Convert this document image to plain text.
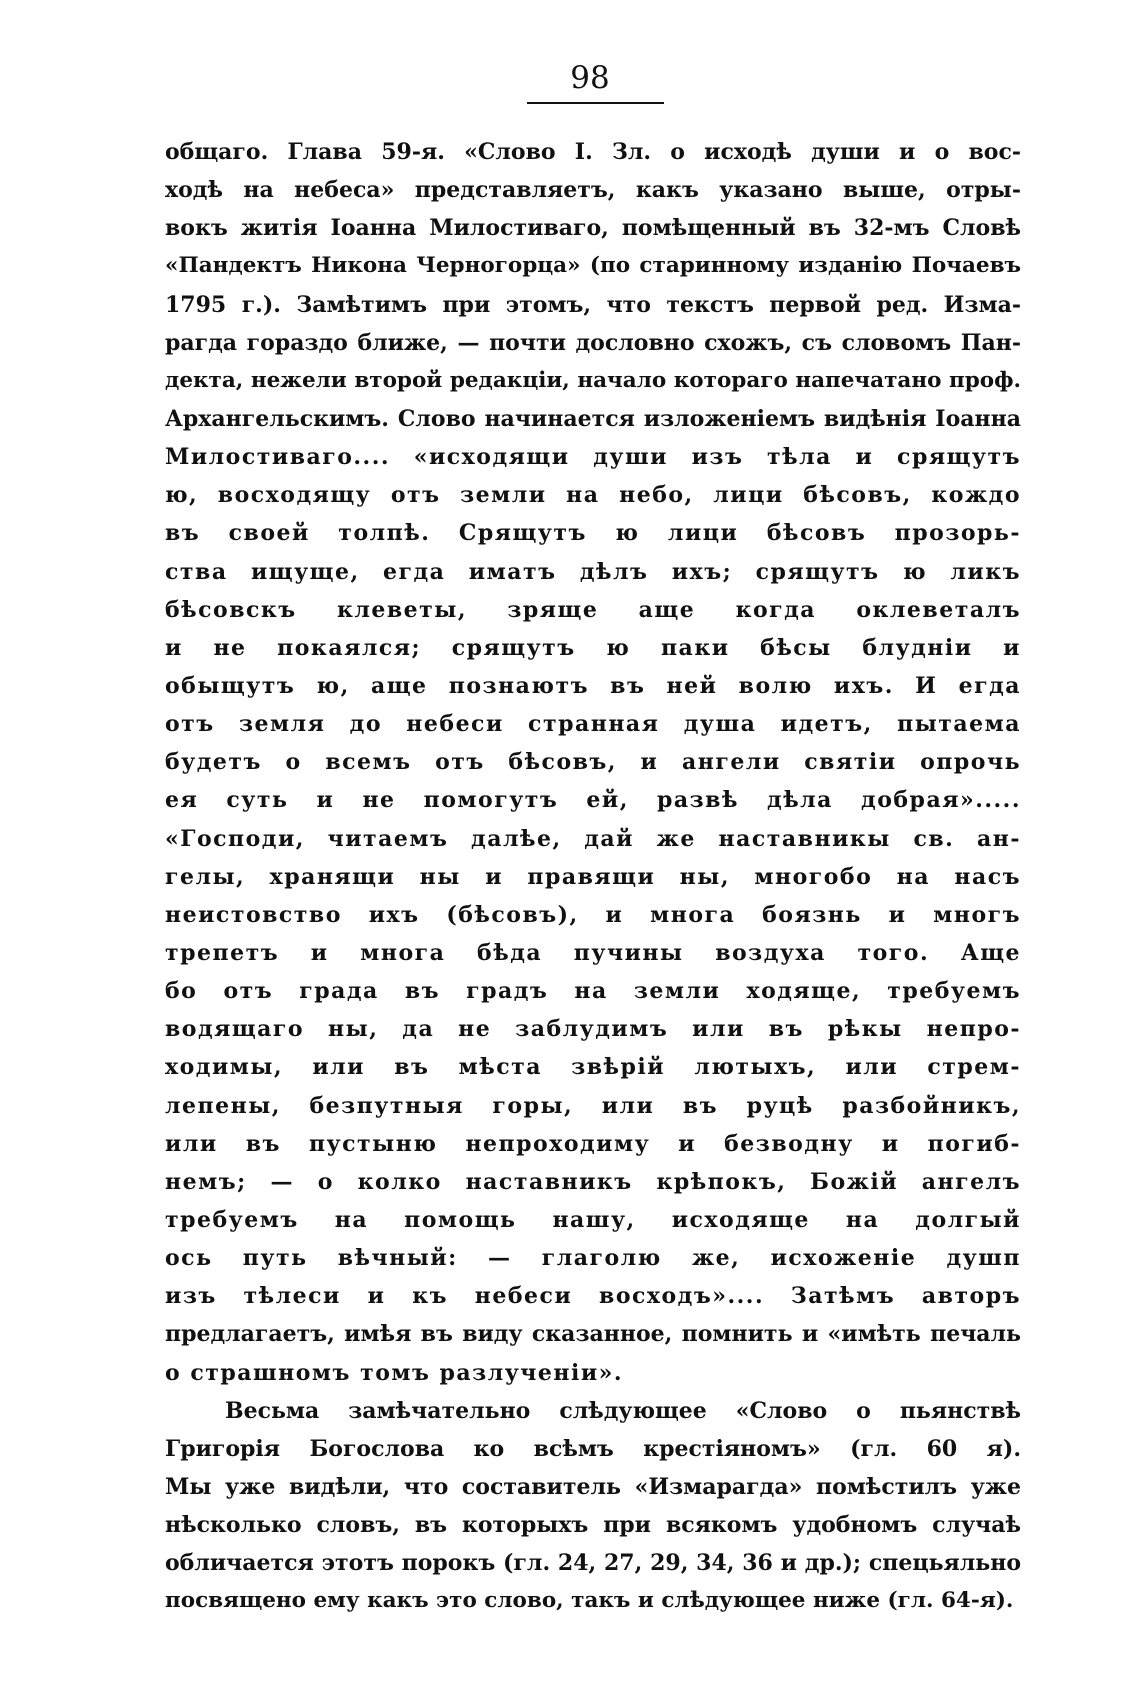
98
общаго. Глава 59-я. «Слово І. Зл. о исходѣ души и о вос-
ходѣ на небеса» представляетъ, какъ указано выше, отры-
вокъ житія Іоанна Милостиваго, помѣщенный въ 32-мъ Словѣ
«Пандектъ Никона Черногорца» (по старинному изданію Почаевъ
1795 г.). Замѣтимъ при этомъ, что текстъ первой ред. Изма-
рагда гораздо ближе, — почти дословно схожъ, съ словомъ Пан-
декта, нежели второй редакціи, начало котораго напечатано проф.
Архангельскимъ. Слово начинается изложеніемъ видѣнія Іоанна
Милостиваго.... «исходящи души изъ тѣла и срящутъ
ю, восходящу отъ земли на небо, лици бѣсовъ, кождо
въ своей толпѣ. Срящутъ ю лици бѣсовъ прозорь-
ства ищуще, егда иматъ дѣлъ ихъ; срящутъ ю ликъ
бѣсовскъ клеветы, зряще аще когда оклеветалъ
и не покаялся; срящутъ ю паки бѣсы блудніи и
обыщутъ ю, аще познаютъ въ ней волю ихъ. И егда
отъ земля до небеси странная душа идетъ, пытаема
будетъ о всемъ отъ бѣсовъ, и ангели святіи опрочь
ея суть и не помогутъ ей, развѣ дѣла добрая».....
«Господи, читаемъ далѣе, дай же наставникы св. ан-
гелы, хранящи ны и правящи ны, многобо на насъ
неистовство ихъ (бѣсовъ), и многа боязнь и многъ
трепетъ и многа бѣда пучины воздуха того. Аще
бо отъ града въ градъ на земли ходяще, требуемъ
водящаго ны, да не заблудимъ или въ рѣкы непро-
ходимы, или въ мѣста звѣрій лютыхъ, или стрем-
лепены, безпутныя горы, или въ руцѣ разбойникъ,
или въ пустыню непроходиму и безводну и погиб-
немъ; — о колко наставникъ крѣпокъ, Божій ангелъ
требуемъ на помощь нашу, исходяще на долгый
ось путь вѣчный: — глаголю же, исхоженіе душп
изъ тѣлеси и къ небеси восходъ».... Затѣмъ авторъ
предлагаетъ, имѣя въ виду сказанное, помнить и «имѣть печаль
о страшномъ томъ разлученіи».
Весьма замѣчательно слѣдующее «Слово о пьянствѣ
Григорія Богослова ко всѣмъ крестіяномъ» (гл. 60 я).
Мы уже видѣли, что составитель «Измарагда» помѣстилъ уже
нѣсколько словъ, въ которыхъ при всякомъ удобномъ случаѣ
обличается этотъ порокъ (гл. 24, 27, 29, 34, 36 и др.); спецьяльно
посвящено ему какъ это слово, такъ и слѣдующее ниже (гл. 64-я).
